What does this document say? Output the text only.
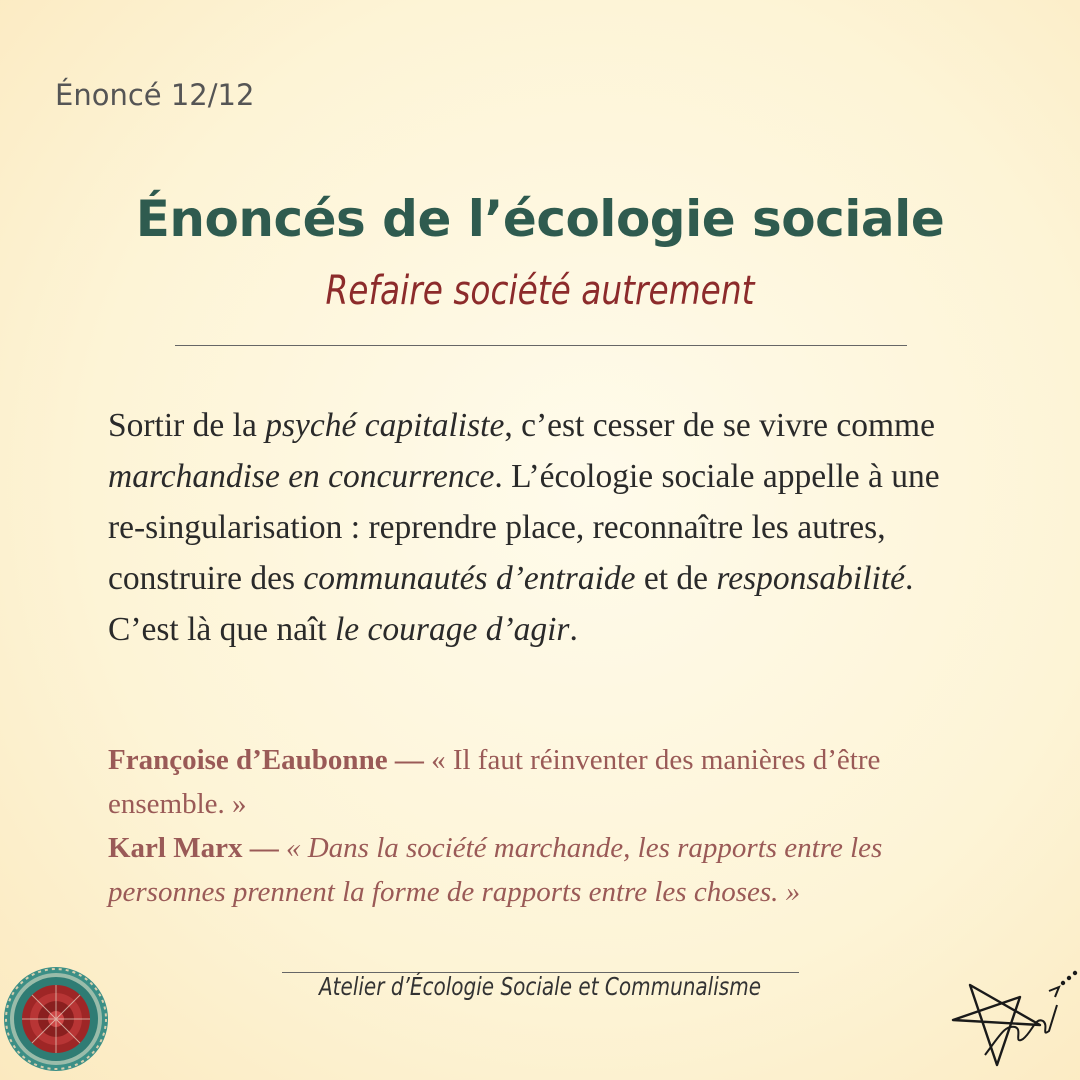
Énoncé 12/12
Énoncés de l’écologie sociale
Refaire société autrement
Sortir de la psyché capitaliste, c’est cesser de se vivre comme marchandise en concurrence. L’écologie sociale appelle à une re-singularisation : reprendre place, reconnaître les autres, construire des communautés d’entraide et de responsabilité. C’est là que naît le courage d’agir.
Françoise d’Eaubonne — « Il faut réinventer des manières d’être ensemble. »
Karl Marx — « Dans la société marchande, les rapports entre les personnes prennent la forme de rapports entre les choses. »
Atelier d’Écologie Sociale et Communalisme
